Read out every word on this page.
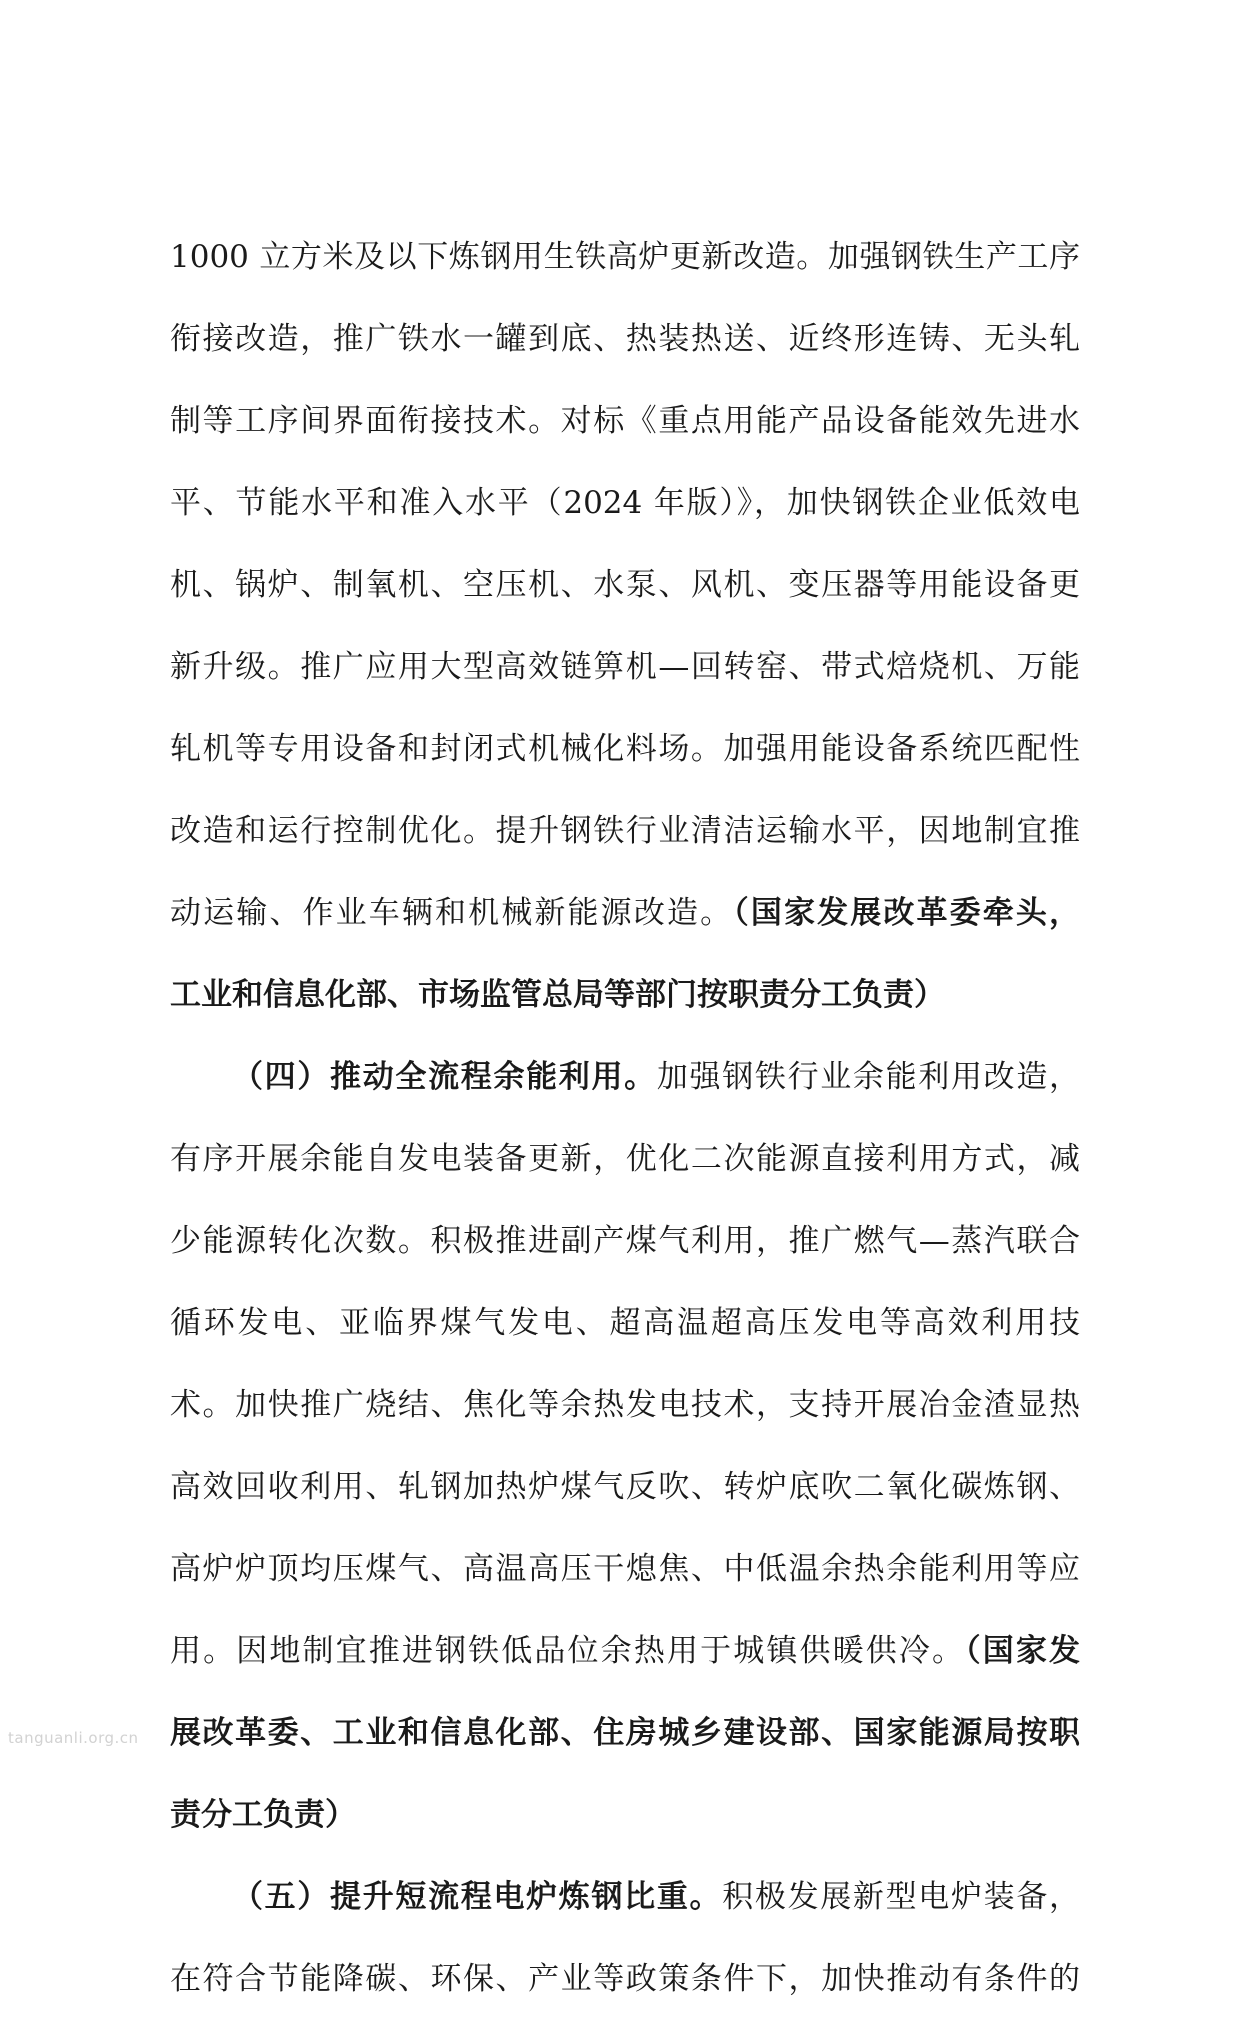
1000 立方米及以下炼钢用生铁高炉更新改造。加强钢铁生产工序
衔接改造，推广铁水一罐到底、热装热送、近终形连铸、无头轧
制等工序间界面衔接技术。对标《重点用能产品设备能效先进水
平、节能水平和准入水平（2024 年版）》，加快钢铁企业低效电
机、锅炉、制氧机、空压机、水泵、风机、变压器等用能设备更
新升级。推广应用大型高效链箅机—回转窑、带式焙烧机、万能
轧机等专用设备和封闭式机械化料场。加强用能设备系统匹配性
改造和运行控制优化。提升钢铁行业清洁运输水平，因地制宜推
动运输、作业车辆和机械新能源改造。（国家发展改革委牵头，
工业和信息化部、市场监管总局等部门按职责分工负责）
（四）推动全流程余能利用。加强钢铁行业余能利用改造，
有序开展余能自发电装备更新，优化二次能源直接利用方式，减
少能源转化次数。积极推进副产煤气利用，推广燃气—蒸汽联合
循环发电、亚临界煤气发电、超高温超高压发电等高效利用技
术。加快推广烧结、焦化等余热发电技术，支持开展冶金渣显热
高效回收利用、轧钢加热炉煤气反吹、转炉底吹二氧化碳炼钢、
高炉炉顶均压煤气、高温高压干熄焦、中低温余热余能利用等应
用。因地制宜推进钢铁低品位余热用于城镇供暖供冷。（国家发
展改革委、工业和信息化部、住房城乡建设部、国家能源局按职
责分工负责）
（五）提升短流程电炉炼钢比重。积极发展新型电炉装备，
在符合节能降碳、环保、产业等政策条件下，加快推动有条件的
tanguanli.org.cn
